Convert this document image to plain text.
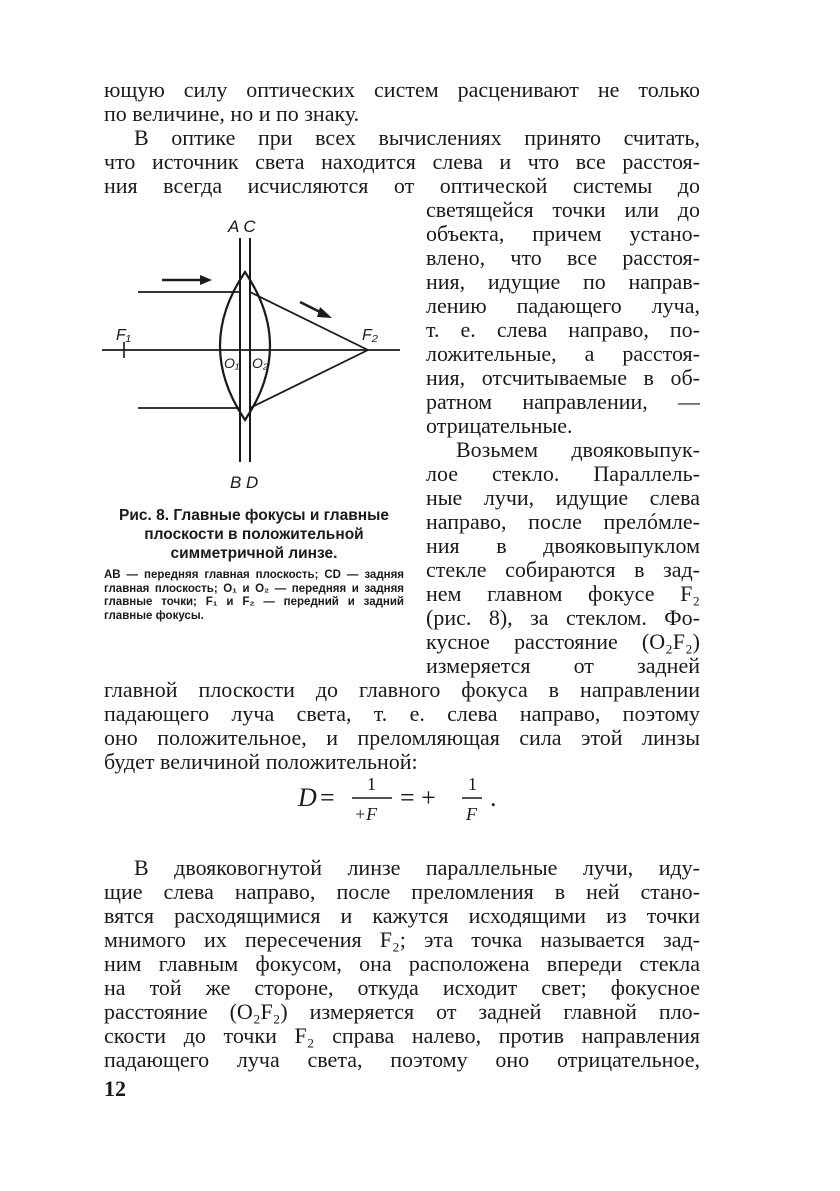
ющую силу оптических систем расценивают не только
по величине, но и по знаку.
В оптике при всех вычислениях принято считать,
что источник света находится слева и что все расстоя-
ния всегда исчисляются от оптической системы до
светящейся точки или до
объекта, причем устано-
влено, что все расстоя-
ния, идущие по направ-
лению падающего луча,
т. е. слева направо, по-
ложительные, а расстоя-
ния, отсчитываемые в об-
ратном направлении, —
отрицательные.
Возьмем двояковыпук-
лое стекло. Параллель-
ные лучи, идущие слева
направо, после прелóмле-
ния в двояковыпуклом
стекле собираются в зад-
нем главном фокусе F₂
(рис. 8), за стеклом. Фо-
кусное расстояние (O₂F₂)
измеряется от задней
главной плоскости до главного фокуса в направлении
падающего луча света, т. е. слева направо, поэтому
оно положительное, и преломляющая сила этой линзы
будет величиной положительной:
A C
B D
F₁	F₂
O₁ O₂
Рис. 8. Главные фокусы и главные плоскости в положительной симметричной линзе.
AB — передняя главная плоскость; CD — задняя главная плоскость; O₁ и O₂ — передняя и задняя главные точки; F₁ и F₂ — передний и задний главные фокусы.
D = 1
+F
= + 1
F
.
В двояковогнутой линзе параллельные лучи, иду-
щие слева направо, после преломления в ней стано-
вятся расходящимися и кажутся исходящими из точки
мнимого их пересечения F₂; эта точка называется зад-
ним главным фокусом, она расположена впереди стекла
на той же стороне, откуда исходит свет; фокусное
расстояние (O₂F₂) измеряется от задней главной пло-
скости до точки F₂ справа налево, против направления
падающего луча света, поэтому оно отрицательное,
12
